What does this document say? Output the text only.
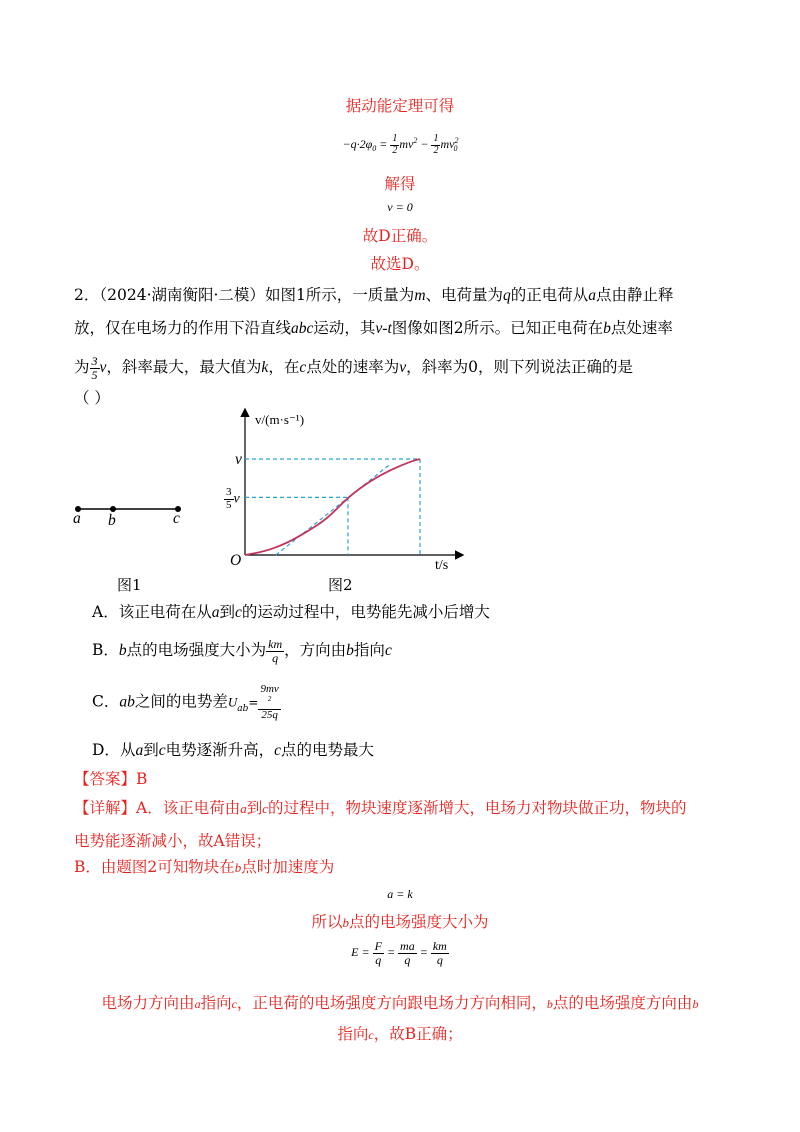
据动能定理可得
$-q\cdot 2\varphi_0 = \frac{1}{2} mv^2 - \frac{1}{2} mv^2_0$
解得
v = 0
故D正确。
故选D。
2．（2024·湖南衡阳·二模）如图1所示，一质量为m、电荷量为q的正电荷从a点由静止释
放，仅在电场力的作用下沿直线abc运动，其v-t图像如图2所示。已知正电荷在b点处速率
为 $\frac{3}{5}$ v，斜率最大，最大值为k，在c点处的速率为v，斜率为0，则下列说法正确的是
（ ）
a b	c
图1
v/(m·s⁻¹)
v
$\frac{3}{5}$ v
O	t/s
图2
A．该正电荷在从a到c的运动过程中，电势能先减小后增大
B．b点的电场强度大小为 $\frac{km}{q}$ ，方向由b指向c
C．ab之间的电势差$U_{ab}= 9mv$
$^2$
25q
D．从a到c电势逐渐升高，c点的电势最大
【答案】B
【详解】A．该正电荷由a到c的过程中，物块速度逐渐增大，电场力对物块做正功，物块的
电势能逐渐减小，故A错误；
B．由题图2可知物块在b点时加速度为
a = k
所以b点的电场强度大小为
$E = \frac{F}{q} = \frac{ma}{q} = \frac{km}{q}$
电场力方向由a指向c，正电荷的电场强度方向跟电场力方向相同，b点的电场强度方向由b
指向c，故B正确；
